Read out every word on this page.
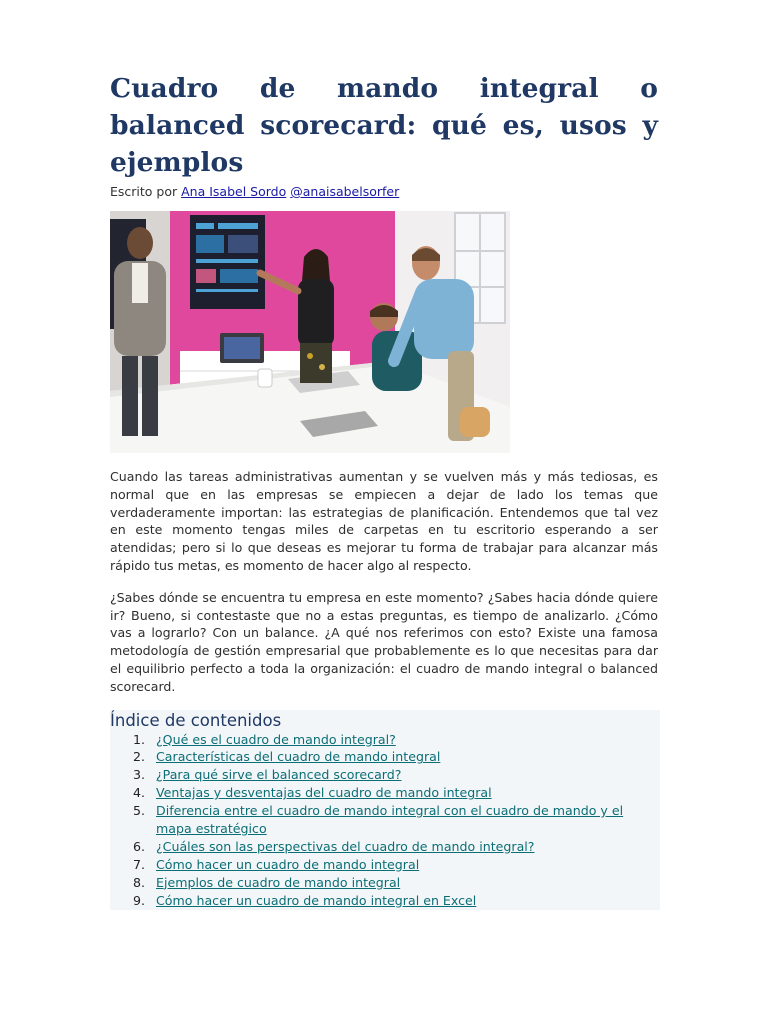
Cuadro de mando integral o balanced scorecard: qué es, usos y ejemplos
Escrito por Ana Isabel Sordo @anaisabelsorfer

Cuando las tareas administrativas aumentan y se vuelven más y más tediosas, es normal que en las empresas se empiecen a dejar de lado los temas que verdaderamente importan: las estrategias de planificación. Entendemos que tal vez en este momento tengas miles de carpetas en tu escritorio esperando a ser atendidas; pero si lo que deseas es mejorar tu forma de trabajar para alcanzar más rápido tus metas, es momento de hacer algo al respecto.

¿Sabes dónde se encuentra tu empresa en este momento? ¿Sabes hacia dónde quiere ir? Bueno, si contestaste que no a estas preguntas, es tiempo de analizarlo. ¿Cómo vas a lograrlo? Con un balance. ¿A qué nos referimos con esto? Existe una famosa metodología de gestión empresarial que probablemente es lo que necesitas para dar el equilibrio perfecto a toda la organización: el cuadro de mando integral o balanced scorecard.

Índice de contenidos
1. ¿Qué es el cuadro de mando integral?
2. Características del cuadro de mando integral
3. ¿Para qué sirve el balanced scorecard?
4. Ventajas y desventajas del cuadro de mando integral
5. Diferencia entre el cuadro de mando integral con el cuadro de mando y el mapa estratégico
6. ¿Cuáles son las perspectivas del cuadro de mando integral?
7. Cómo hacer un cuadro de mando integral
8. Ejemplos de cuadro de mando integral
9. Cómo hacer un cuadro de mando integral en Excel
